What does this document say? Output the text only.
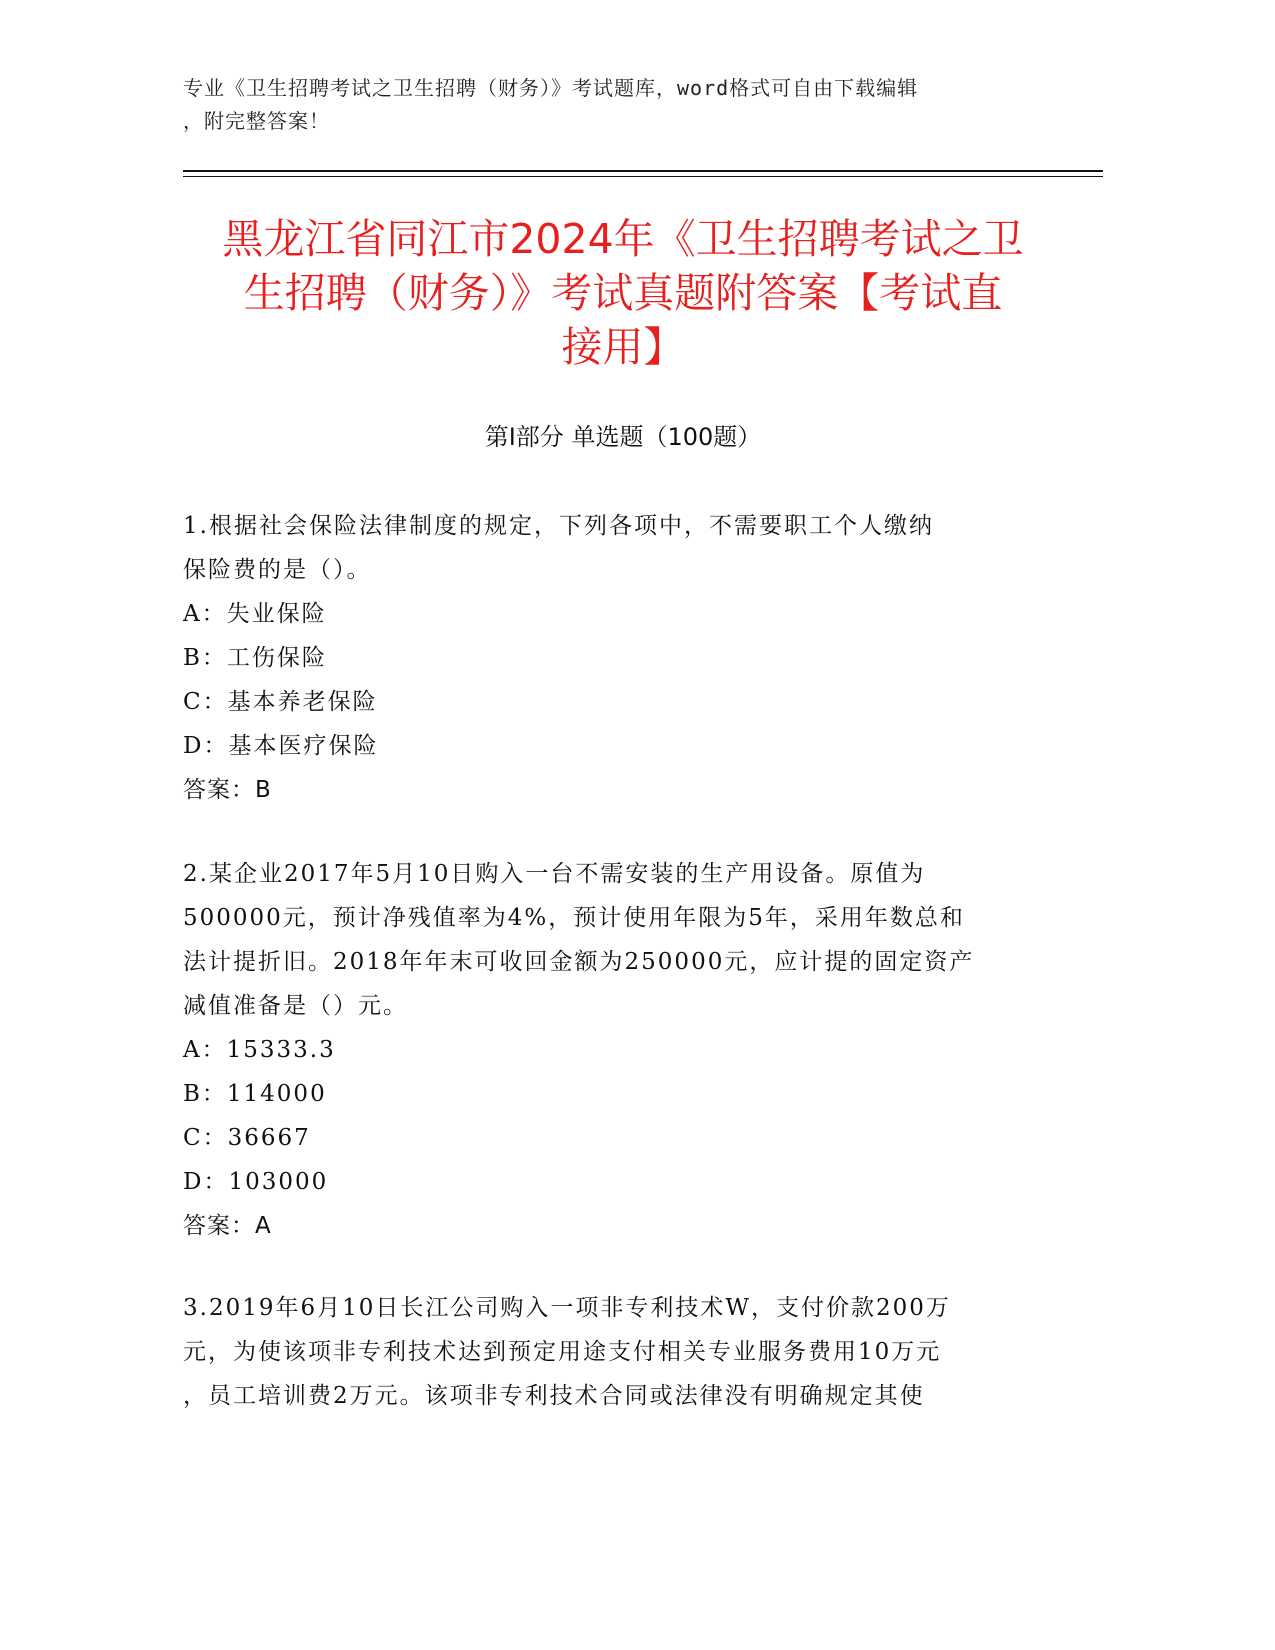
专业《卫生招聘考试之卫生招聘（财务）》考试题库，word格式可自由下载编辑
，附完整答案！
黑龙江省同江市2024年《卫生招聘考试之卫
生招聘（财务）》考试真题附答案【考试直
接用】
第I部分 单选题（100题）

1.根据社会保险法律制度的规定，下列各项中，不需要职工个人缴纳

保险费的是（）。

A：失业保险

B：工伤保险

C：基本养老保险

D：基本医疗保险

答案：B

2.某企业2017年5月10日购入一台不需安装的生产用设备。原值为

500000元，预计净残值率为4%，预计使用年限为5年，采用年数总和

法计提折旧。2018年年末可收回金额为250000元，应计提的固定资产

减值准备是（）元。

A：15333.3

B：114000

C：36667

D：103000

答案：A

3.2019年6月10日长江公司购入一项非专利技术W，支付价款200万

元，为使该项非专利技术达到预定用途支付相关专业服务费用10万元

，员工培训费2万元。该项非专利技术合同或法律没有明确规定其使
